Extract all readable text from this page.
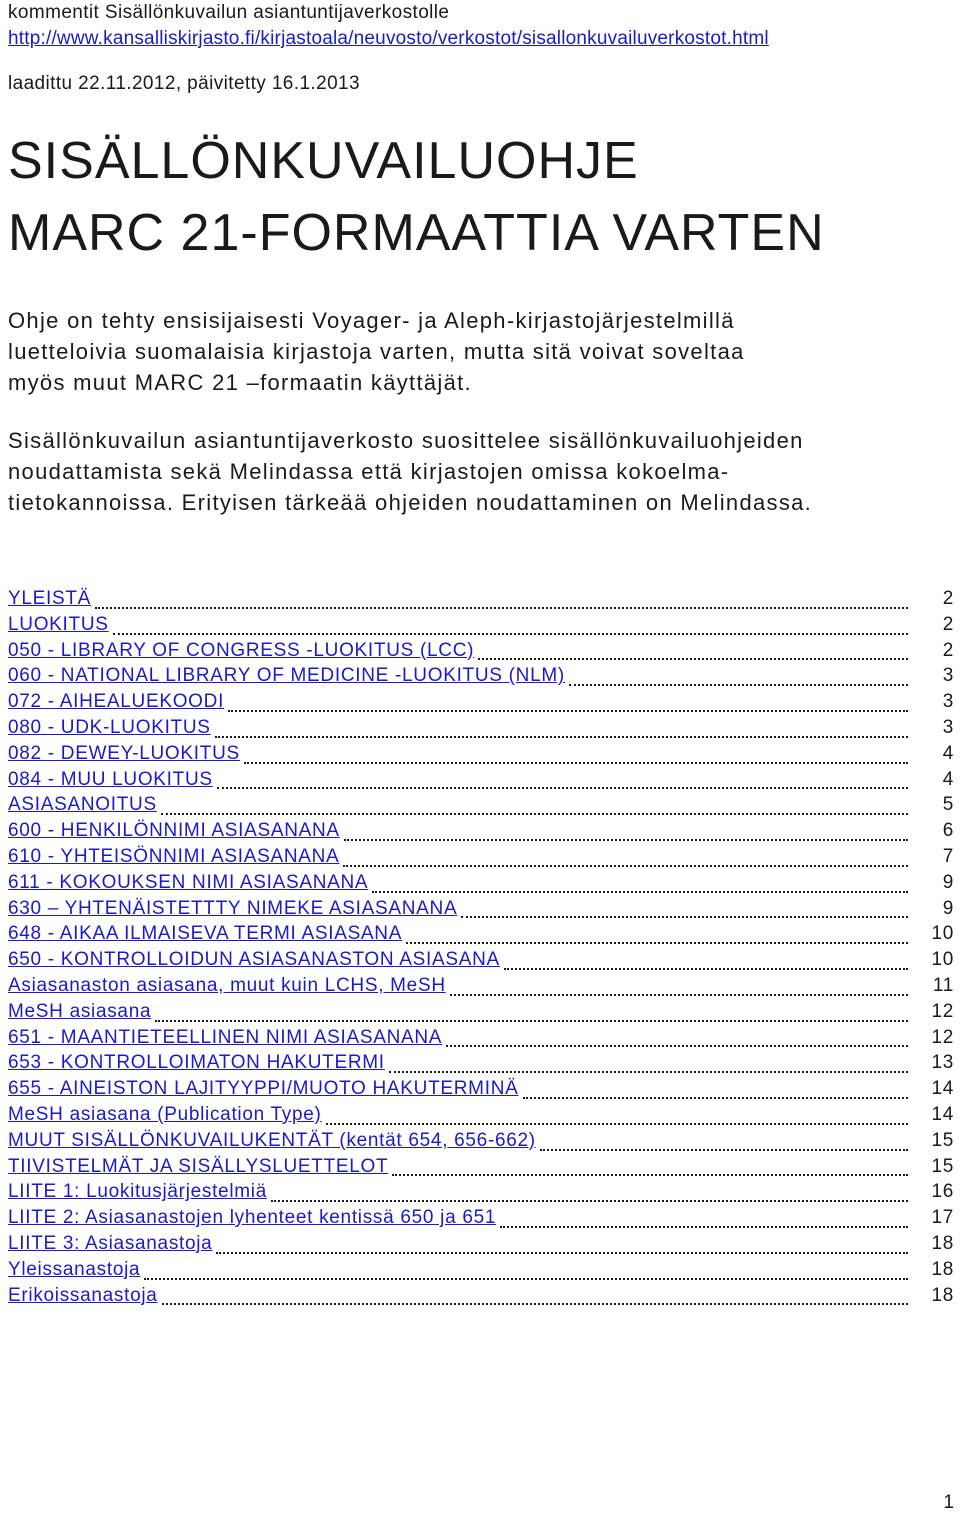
kommentit Sisällönkuvailun asiantuntijaverkostolle
http://www.kansalliskirjasto.fi/kirjastoala/neuvosto/verkostot/sisallonkuvailuverkostot.html
laadittu 22.11.2012, päivitetty 16.1.2013
SISÄLLÖNKUVAILUOHJE
MARC 21-FORMAATTIA VARTEN
Ohje on tehty ensisijaisesti Voyager- ja Aleph-kirjastojärjestelmillä
luetteloivia suomalaisia kirjastoja varten, mutta sitä voivat soveltaa
myös muut MARC 21 –formaatin käyttäjät.
Sisällönkuvailun asiantuntijaverkosto suosittelee sisällönkuvailuohjeiden
noudattamista sekä Melindassa että kirjastojen omissa kokoelma-
tietokannoissa. Erityisen tärkeää ohjeiden noudattaminen on Melindassa.
YLEISTÄ	2
LUOKITUS	2
050 - LIBRARY OF CONGRESS -LUOKITUS (LCC)	2
060 - NATIONAL LIBRARY OF MEDICINE -LUOKITUS (NLM)	3
072 - AIHEALUEKOODI	3
080 - UDK-LUOKITUS	3
082 - DEWEY-LUOKITUS	4
084 - MUU LUOKITUS	4
ASIASANOITUS	5
600 - HENKILÖNNIMI ASIASANANA	6
610 - YHTEISÖNNIMI ASIASANANA	7
611 - KOKOUKSEN NIMI ASIASANANA	9
630 – YHTENÄISTETTTY NIMEKE ASIASANANA	9
648 - AIKAA ILMAISEVA TERMI ASIASANA	10
650 - KONTROLLOIDUN ASIASANASTON ASIASANA	10
Asiasanaston asiasana, muut kuin LCHS, MeSH	11
MeSH asiasana	12
651 - MAANTIETEELLINEN NIMI ASIASANANA	12
653 - KONTROLLOIMATON HAKUTERMI	13
655 - AINEISTON LAJITYYPPI/MUOTO HAKUTERMINÄ	14
MeSH asiasana (Publication Type)	14
MUUT SISÄLLÖNKUVAILUKENTÄT (kentät 654, 656-662)	15
TIIVISTELMÄT JA SISÄLLYSLUETTELOT	15
LIITE 1: Luokitusjärjestelmiä	16
LIITE 2: Asiasanastojen lyhenteet kentissä 650 ja 651	17
LIITE 3: Asiasanastoja	18
Yleissanastoja	18
Erikoissanastoja	18
1
